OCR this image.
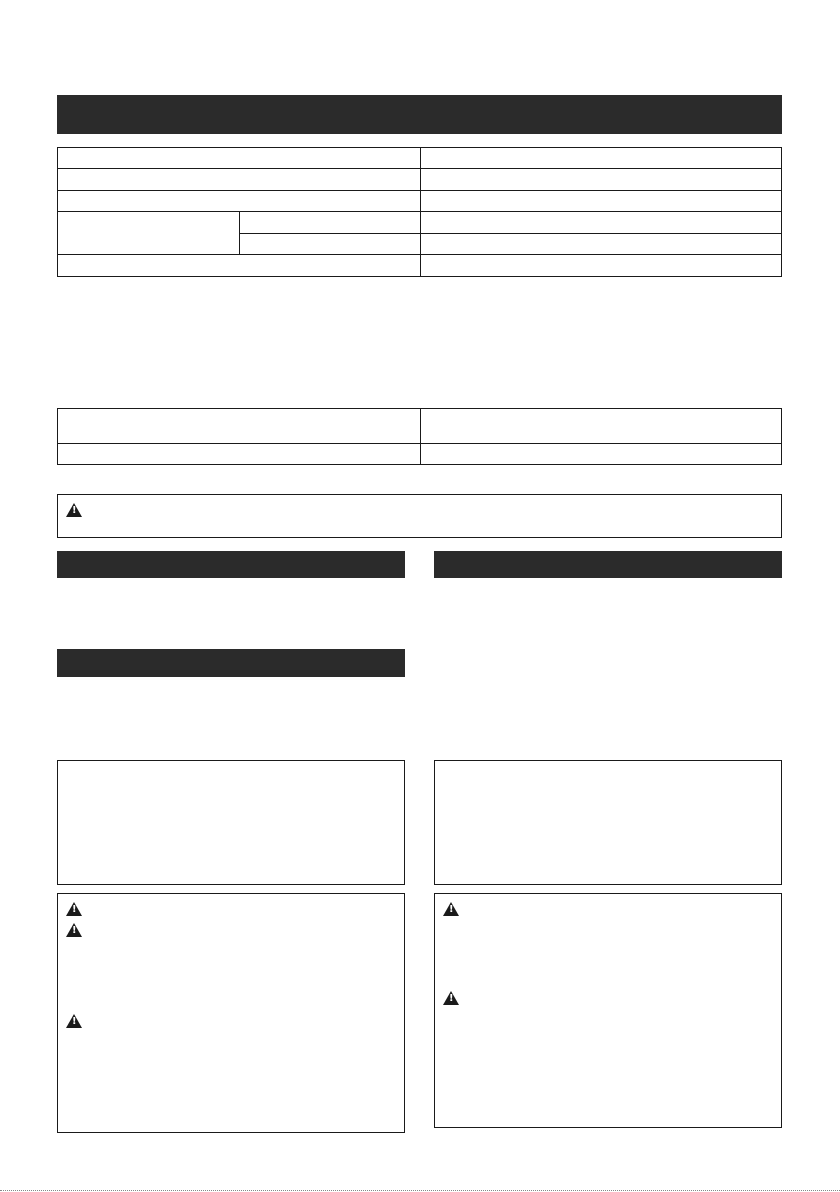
!
!
!
!
!
!
